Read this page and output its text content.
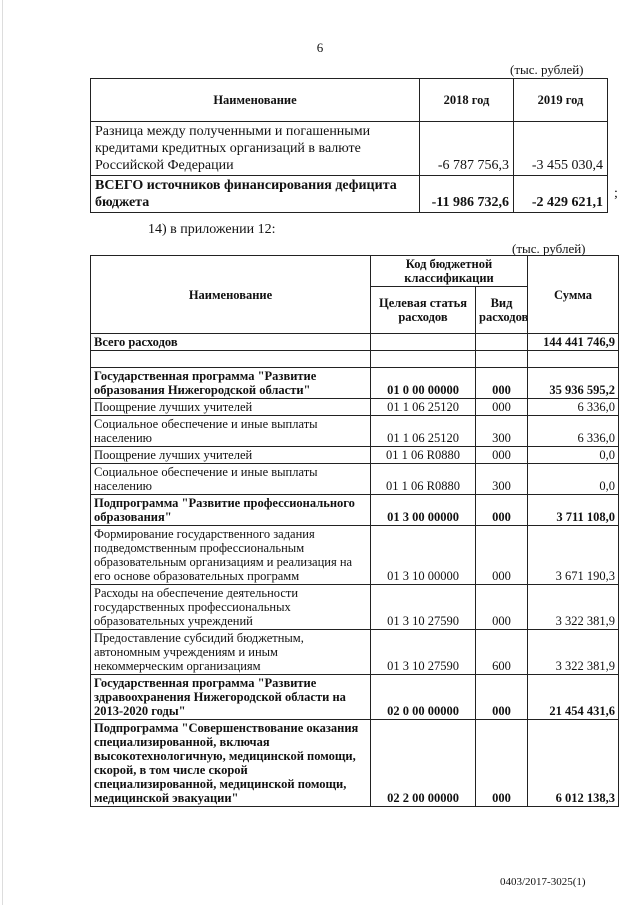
6
(тыс. рублей)
Наименование	2018 год	2019 год
Разница между полученными и погашенными кредитами кредитных организаций в валюте Российской Федерации	-6 787 756,3	-3 455 030,4
ВСЕГО источников финансирования дефицита бюджета	-11 986 732,6	-2 429 621,1
;
14) в приложении 12:
(тыс. рублей)
Наименование	Код бюджетной классификации		Сумма
	Целевая статья расходов	Вид расходов	
Всего расходов			144 441 746,9

Государственная программа "Развитие образования Нижегородской области"	01 0 00 00000	000	35 936 595,2
Поощрение лучших учителей	01 1 06 25120	000	6 336,0
Социальное обеспечение и иные выплаты населению	01 1 06 25120	300	6 336,0
Поощрение лучших учителей	01 1 06 R0880	000	0,0
Социальное обеспечение и иные выплаты населению	01 1 06 R0880	300	0,0
Подпрограмма "Развитие профессионального образования"	01 3 00 00000	000	3 711 108,0
Формирование государственного задания подведомственным профессиональным образовательным организациям и реализация на его основе образовательных программ	01 3 10 00000	000	3 671 190,3
Расходы на обеспечение деятельности государственных профессиональных образовательных учреждений	01 3 10 27590	000	3 322 381,9
Предоставление субсидий бюджетным, автономным учреждениям и иным некоммерческим организациям	01 3 10 27590	600	3 322 381,9
Государственная программа "Развитие здравоохранения Нижегородской области на 2013-2020 годы"	02 0 00 00000	000	21 454 431,6
Подпрограмма "Совершенствование оказания специализированной, включая высокотехнологичную, медицинской помощи, скорой, в том числе скорой специализированной, медицинской помощи, медицинской эвакуации"	02 2 00 00000	000	6 012 138,3
0403/2017-3025(1)
